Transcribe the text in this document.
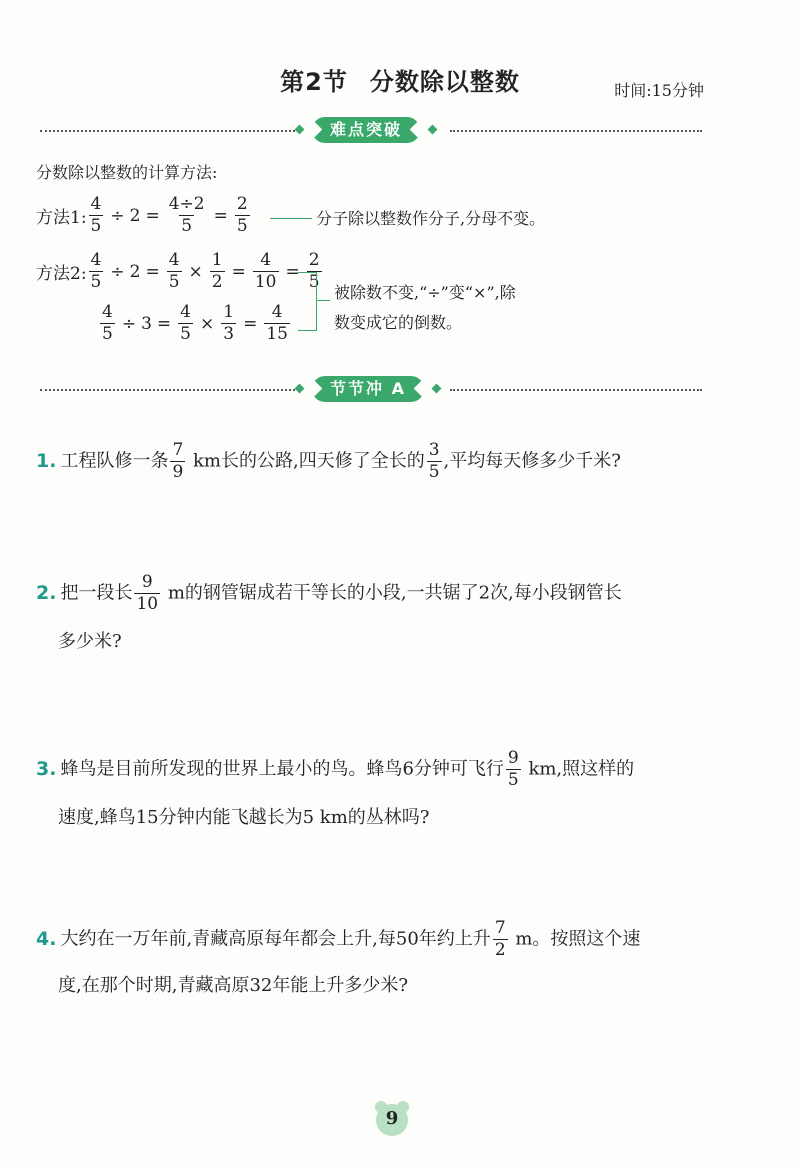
第2节 分数除以整数	时间:15分钟
难点突破
分数除以整数的计算方法:
方法1: $\frac{4}{5} \div 2 = \frac{4\div 2}{5} = \frac{2}{5}$	分子除以整数作分子,分母不变。
方法2: $\frac{4}{5} \div 2 = \frac{4}{5} \times \frac{1}{2} = \frac{4}{10} = \frac{2}{5}$
$\frac{4}{5} \div 3 = \frac{4}{5} \times \frac{1}{3} = \frac{4}{15}$
被除数不变,“÷”变“×”,除
数变成它的倒数。
节节冲 A
1. 工程队修一条 $\frac{7}{9}$ km长的公路,四天修了全长的 $\frac{3}{5}$ ,平均每天修多少千米?
2. 把一段长 $\frac{9}{10}$ m的钢管锯成若干等长的小段,一共锯了2次,每小段钢管长
多少米?
3. 蜂鸟是目前所发现的世界上最小的鸟。蜂鸟6分钟可飞行 $\frac{9}{5}$ km,照这样的
速度,蜂鸟15分钟内能飞越长为5 km的丛林吗?
4. 大约在一万年前,青藏高原每年都会上升,每50年约上升 $\frac{7}{2}$ m。按照这个速
度,在那个时期,青藏高原32年能上升多少米?
9
